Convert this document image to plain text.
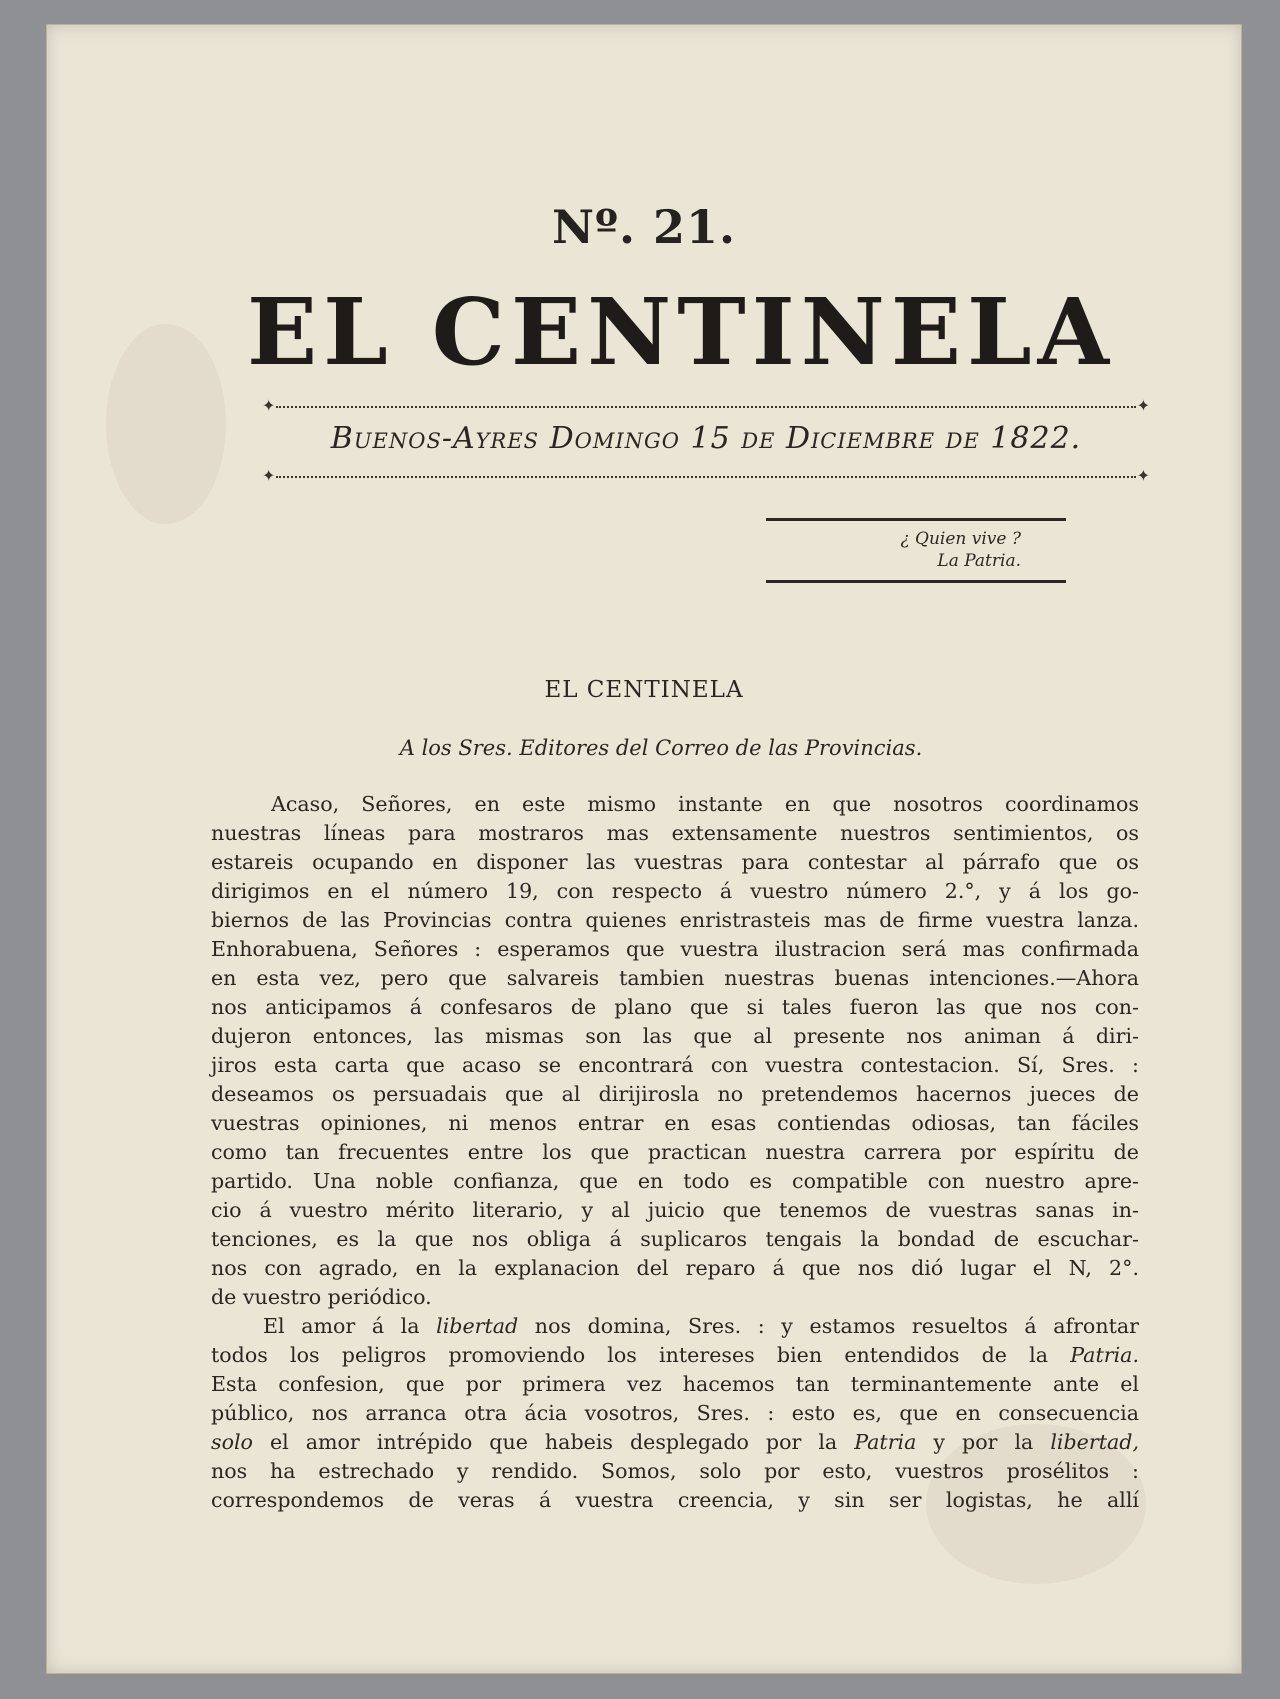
Nº. 21.
EL CENTINELA
✦	✦
Buenos-Ayres Domingo 15 de Diciembre de 1822.
✦	✦
¿ Quien vive ?
La Patria.
EL CENTINELA
A los Sres. Editores del Correo de las Provincias.
Acaso, Señores, en este mismo instante en que nosotros coordinamos
nuestras líneas para mostraros mas extensamente nuestros sentimientos, os
estareis ocupando en disponer las vuestras para contestar al párrafo que os
dirigimos en el número 19, con respecto á vuestro número 2.°, y á los go-
biernos de las Provincias contra quienes enristrasteis mas de firme vuestra lanza.
Enhorabuena, Señores : esperamos que vuestra ilustracion será mas confirmada
en esta vez, pero que salvareis tambien nuestras buenas intenciones.—Ahora
nos anticipamos á confesaros de plano que si tales fueron las que nos con-
dujeron entonces, las mismas son las que al presente nos animan á diri-
jiros esta carta que acaso se encontrará con vuestra contestacion. Sí, Sres. :
deseamos os persuadais que al dirijirosla no pretendemos hacernos jueces de
vuestras opiniones, ni menos entrar en esas contiendas odiosas, tan fáciles
como tan frecuentes entre los que practican nuestra carrera por espíritu de
partido. Una noble confianza, que en todo es compatible con nuestro apre-
cio á vuestro mérito literario, y al juicio que tenemos de vuestras sanas in-
tenciones, es la que nos obliga á suplicaros tengais la bondad de escuchar-
nos con agrado, en la explanacion del reparo á que nos dió lugar el N, 2°.
de vuestro periódico.
El amor á la libertad nos domina, Sres. : y estamos resueltos á afrontar
todos los peligros promoviendo los intereses bien entendidos de la Patria.
Esta confesion, que por primera vez hacemos tan terminantemente ante el
público, nos arranca otra ácia vosotros, Sres. : esto es, que en consecuencia
solo el amor intrépido que habeis desplegado por la Patria y por la libertad,
nos ha estrechado y rendido. Somos, solo por esto, vuestros prosélitos :
correspondemos de veras á vuestra creencia, y sin ser logistas, he allí
